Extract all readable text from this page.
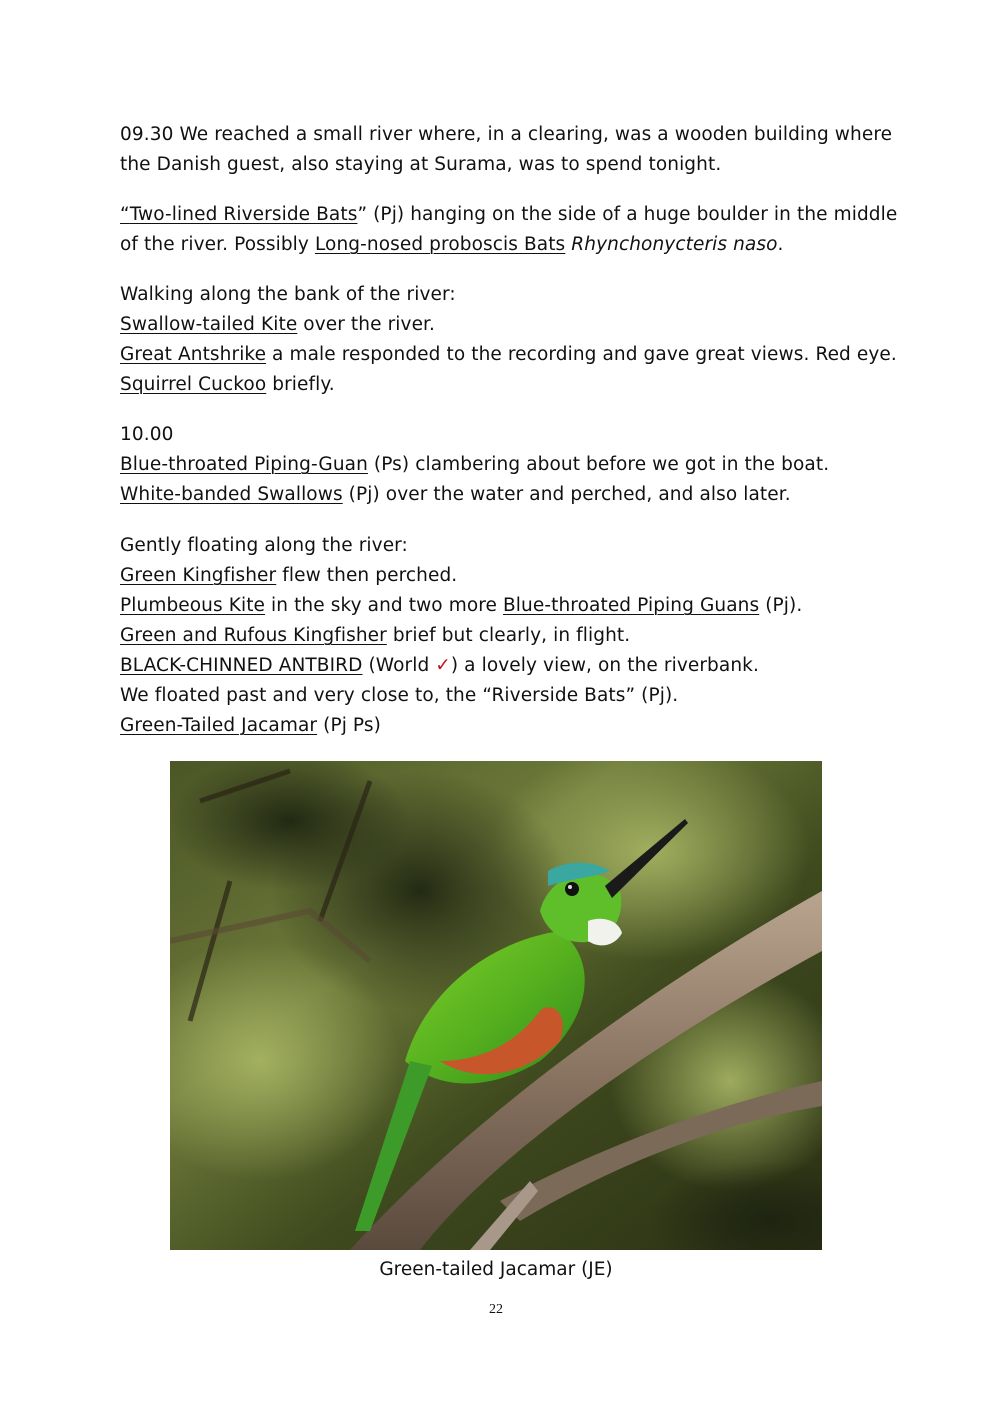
09.30 We reached a small river where, in a clearing, was a wooden building where
the Danish guest, also staying at Surama, was to spend tonight.
“Two-lined Riverside Bats” (Pj) hanging on the side of a huge boulder in the middle
of the river. Possibly Long-nosed proboscis Bats Rhynchonycteris naso.
Walking along the bank of the river:
Swallow-tailed Kite over the river.
Great Antshrike a male responded to the recording and gave great views. Red eye.
Squirrel Cuckoo briefly.
10.00
Blue-throated Piping-Guan (Ps) clambering about before we got in the boat.
White-banded Swallows (Pj) over the water and perched, and also later.
Gently floating along the river:
Green Kingfisher flew then perched.
Plumbeous Kite in the sky and two more Blue-throated Piping Guans (Pj).
Green and Rufous Kingfisher brief but clearly, in flight.
BLACK-CHINNED ANTBIRD (World ✓) a lovely view, on the riverbank.
We floated past and very close to, the “Riverside Bats” (Pj).
Green-Tailed Jacamar (Pj Ps)
Green-tailed Jacamar (JE)
22
